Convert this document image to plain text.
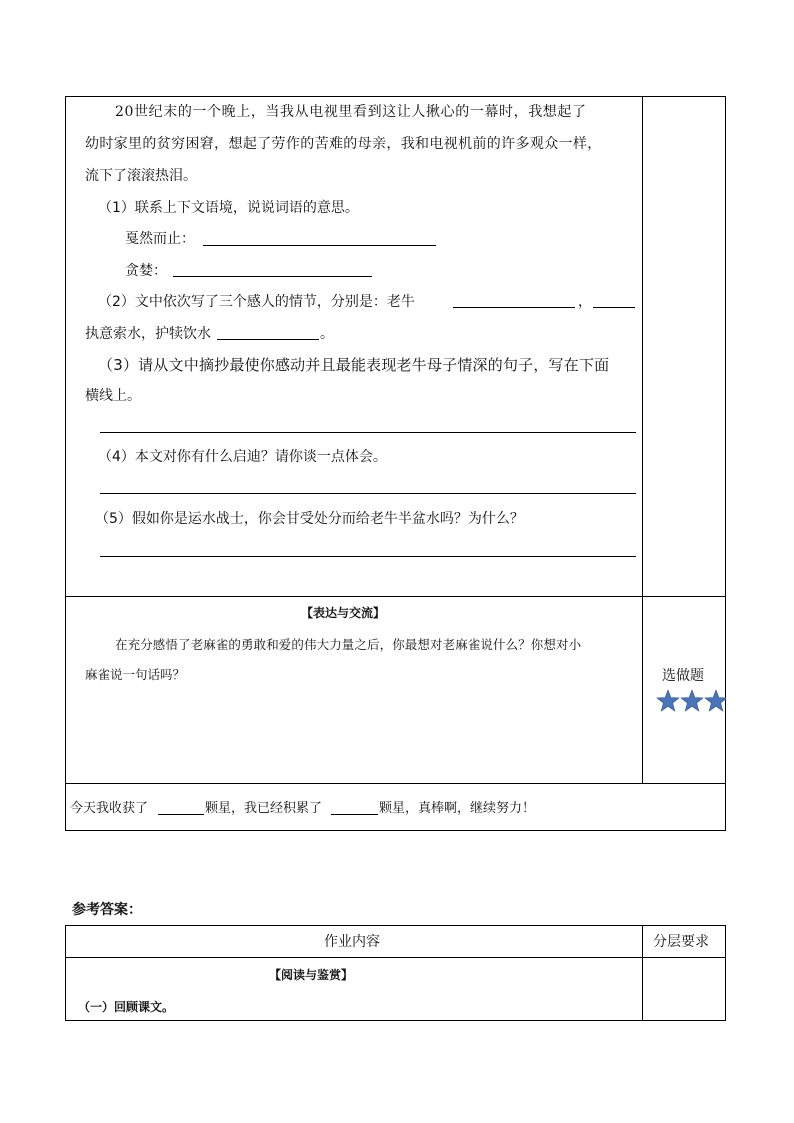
20世纪末的一个晚上，当我从电视里看到这让人揪心的一幕时，我想起了
幼时家里的贫穷困窘，想起了劳作的苦难的母亲，我和电视机前的许多观众一样，
流下了滚滚热泪。
（1）联系上下文语境，说说词语的意思。
戛然而止：
贪婪：
（2）文中依次写了三个感人的情节，分别是：老牛	，
执意索水，护犊饮水	。
（3）请从文中摘抄最使你感动并且最能表现老牛母子情深的句子，写在下面
横线上。
（4）本文对你有什么启迪？请你谈一点体会。
（5）假如你是运水战士，你会甘受处分而给老牛半盆水吗？为什么？
【表达与交流】
在充分感悟了老麻雀的勇敢和爱的伟大力量之后，你最想对老麻雀说什么？你想对小
麻雀说一句话吗？	选做题
今天我收获了	颗星，我已经积累了	颗星，真棒啊，继续努力！
参考答案：
作业内容	分层要求
【阅读与鉴赏】
（一）回顾课文。
